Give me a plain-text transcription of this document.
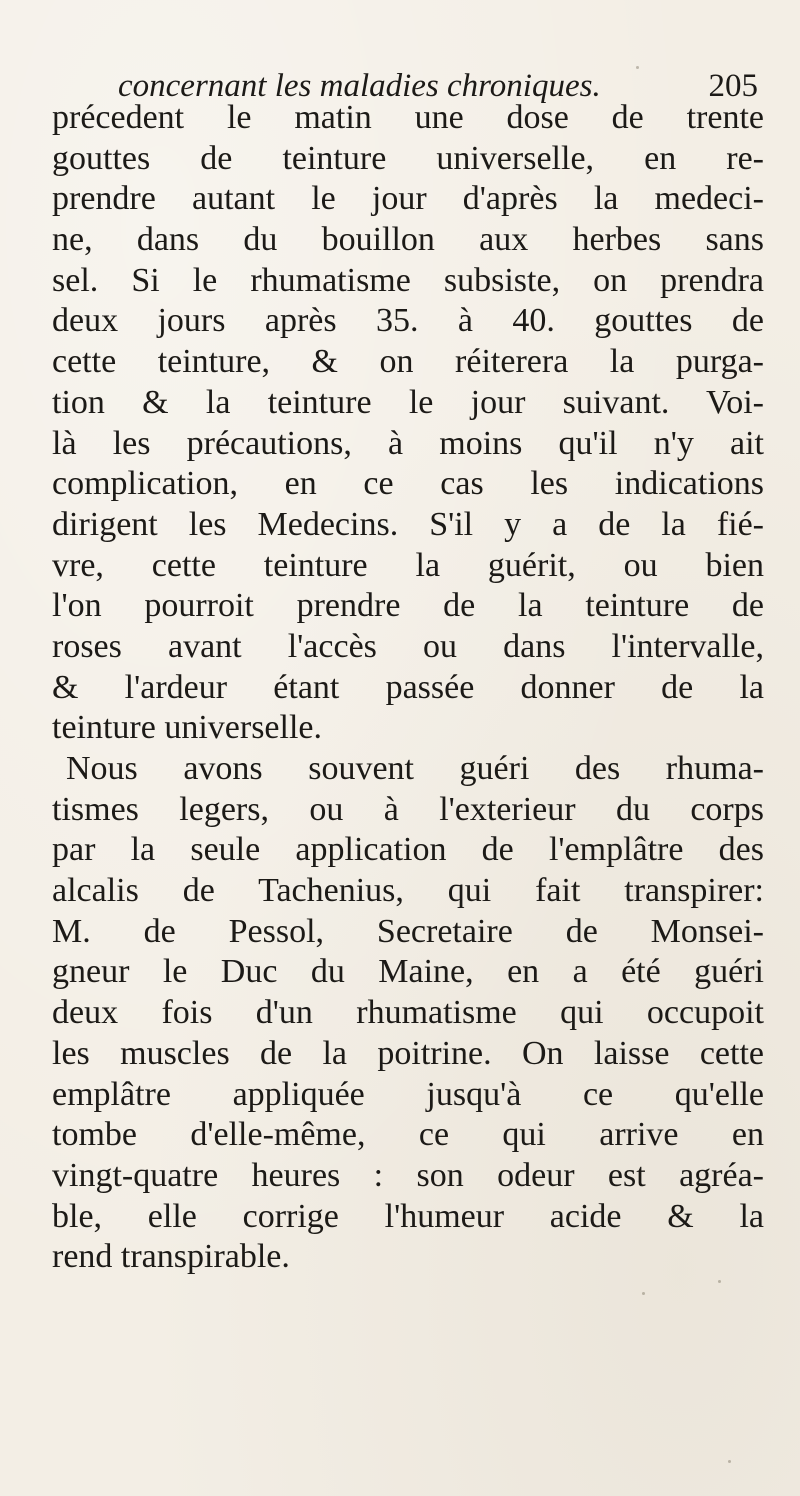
concernant les maladies chroniques.	205
précedent le matin une dose de trente
gouttes de teinture universelle, en re-
prendre autant le jour d'après la medeci-
ne, dans du bouillon aux herbes sans
sel. Si le rhumatisme subsiste, on prendra
deux jours après 35. à 40. gouttes de
cette teinture, & on réiterera la purga-
tion & la teinture le jour suivant. Voi-
là les précautions, à moins qu'il n'y ait
complication, en ce cas les indications
dirigent les Medecins. S'il y a de la fié-
vre, cette teinture la guérit, ou bien
l'on pourroit prendre de la teinture de
roses avant l'accès ou dans l'intervalle,
& l'ardeur étant passée donner de la
teinture universelle.
Nous avons souvent guéri des rhuma-
tismes legers, ou à l'exterieur du corps
par la seule application de l'emplâtre des
alcalis de Tachenius, qui fait transpirer:
M. de Pessol, Secretaire de Monsei-
gneur le Duc du Maine, en a été guéri
deux fois d'un rhumatisme qui occupoit
les muscles de la poitrine. On laisse cette
emplâtre appliquée jusqu'à ce qu'elle
tombe d'elle-même, ce qui arrive en
vingt-quatre heures : son odeur est agréa-
ble, elle corrige l'humeur acide & la
rend transpirable.
